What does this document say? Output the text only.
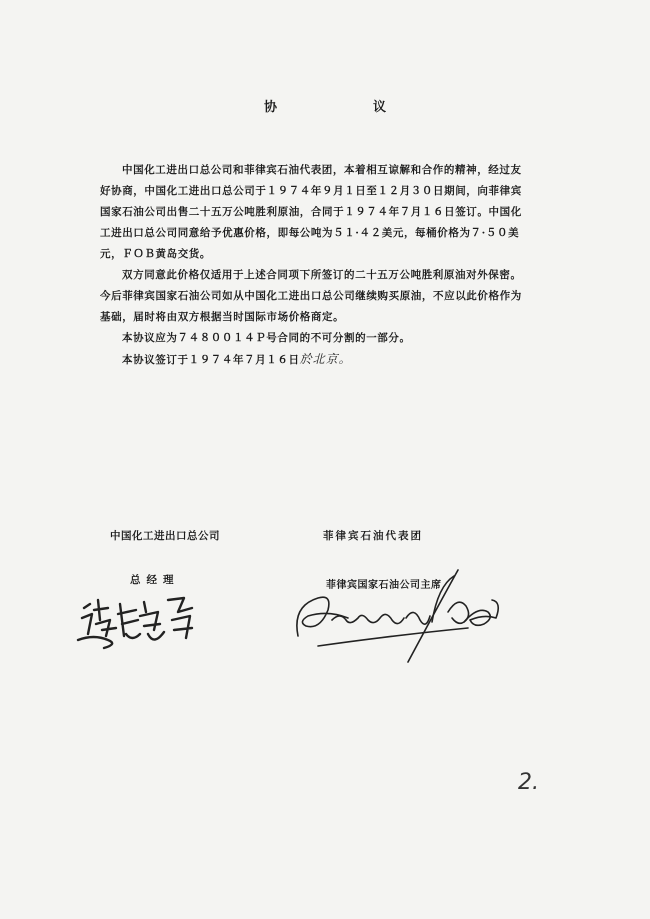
协	议

中国化工进出口总公司和菲律宾石油代表团，本着相互谅解和合作的精神，经过友好协商，中国化工进出口总公司于１９７４年９月１日至１２月３０日期间，向菲律宾国家石油公司出售二十五万公吨胜利原油，合同于１９７４年７月１６日签订。中国化工进出口总公司同意给予优惠价格，即每公吨为５１·４２美元，每桶价格为７·５０美元，ＦＯＢ黄岛交货。

双方同意此价格仅适用于上述合同项下所签订的二十五万公吨胜利原油对外保密。今后菲律宾国家石油公司如从中国化工进出口总公司继续购买原油，不应以此价格作为基础，届时将由双方根据当时国际市场价格商定。

本协议应为７４８００１４Ｐ号合同的不可分割的一部分。

本协议签订于１９７４年７月１６日於北京。

中国化工进出口总公司
总经理
菲律宾石油代表团
菲律宾国家石油公司主席
2.
